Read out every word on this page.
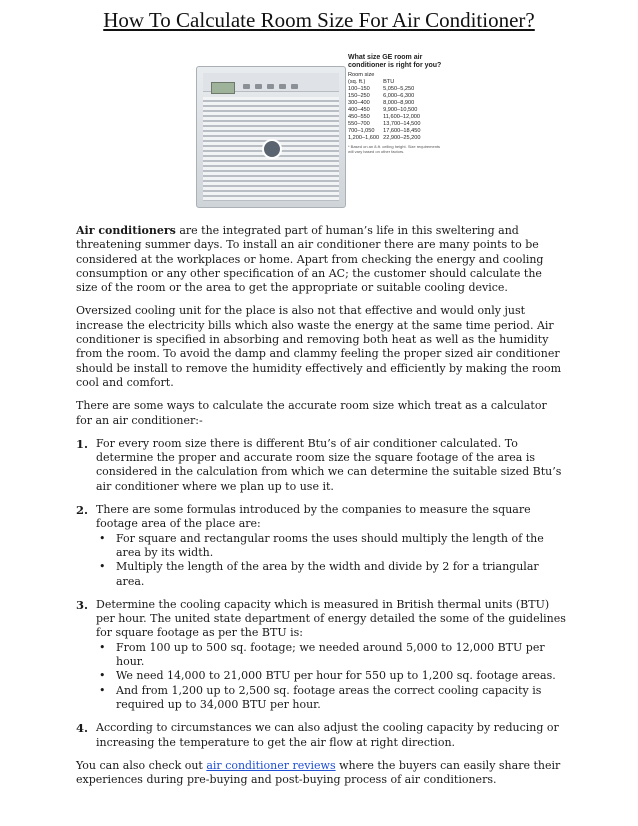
How To Calculate Room Size For Air Conditioner?
What size GE room air conditioner is right for you?
Room size	
(sq. ft.)	BTU
100–150	5,050–5,250
150–250	6,000–6,300
300–400	8,000–8,900
400–450	9,900–10,500
450–550	11,600–12,000
550–700	13,700–14,500
700–1,050	17,600–18,450
1,200–1,600	22,900–25,200
* Based on an 8-ft. ceiling height. Size requirements will vary based on other factors.

Air conditioners are the integrated part of human’s life in this sweltering and threatening summer days. To install an air conditioner there are many points to be considered at the workplaces or home. Apart from checking the energy and cooling consumption or any other specification of an AC; the customer should calculate the size of the room or the area to get the appropriate or suitable cooling device.

Oversized cooling unit for the place is also not that effective and would only just increase the electricity bills which also waste the energy at the same time period. Air conditioner is specified in absorbing and removing both heat as well as the humidity from the room. To avoid the damp and clammy feeling the proper sized air conditioner should be install to remove the humidity effectively and efficiently by making the room cool and comfort.

There are some ways to calculate the accurate room size which treat as a calculator for an air conditioner:-

1. For every room size there is different Btu’s of air conditioner calculated. To determine the proper and accurate room size the square footage of the area is considered in the calculation from which we can determine the suitable sized Btu’s air conditioner where we plan up to use it.
2. There are some formulas introduced by the companies to measure the square footage area of the place are:
• For square and rectangular rooms the uses should multiply the length of the area by its width.
• Multiply the length of the area by the width and divide by 2 for a triangular area.
3. Determine the cooling capacity which is measured in British thermal units (BTU) per hour. The united state department of energy detailed the some of the guidelines for square footage as per the BTU is:
• From 100 up to 500 sq. footage; we needed around 5,000 to 12,000 BTU per hour.
• We need 14,000 to 21,000 BTU per hour for 550 up to 1,200 sq. footage areas.
• And from 1,200 up to 2,500 sq. footage areas the correct cooling capacity is required up to 34,000 BTU per hour.
4. According to circumstances we can also adjust the cooling capacity by reducing or increasing the temperature to get the air flow at right direction.

You can also check out air conditioner reviews where the buyers can easily share their experiences during pre-buying and post-buying process of air conditioners.
